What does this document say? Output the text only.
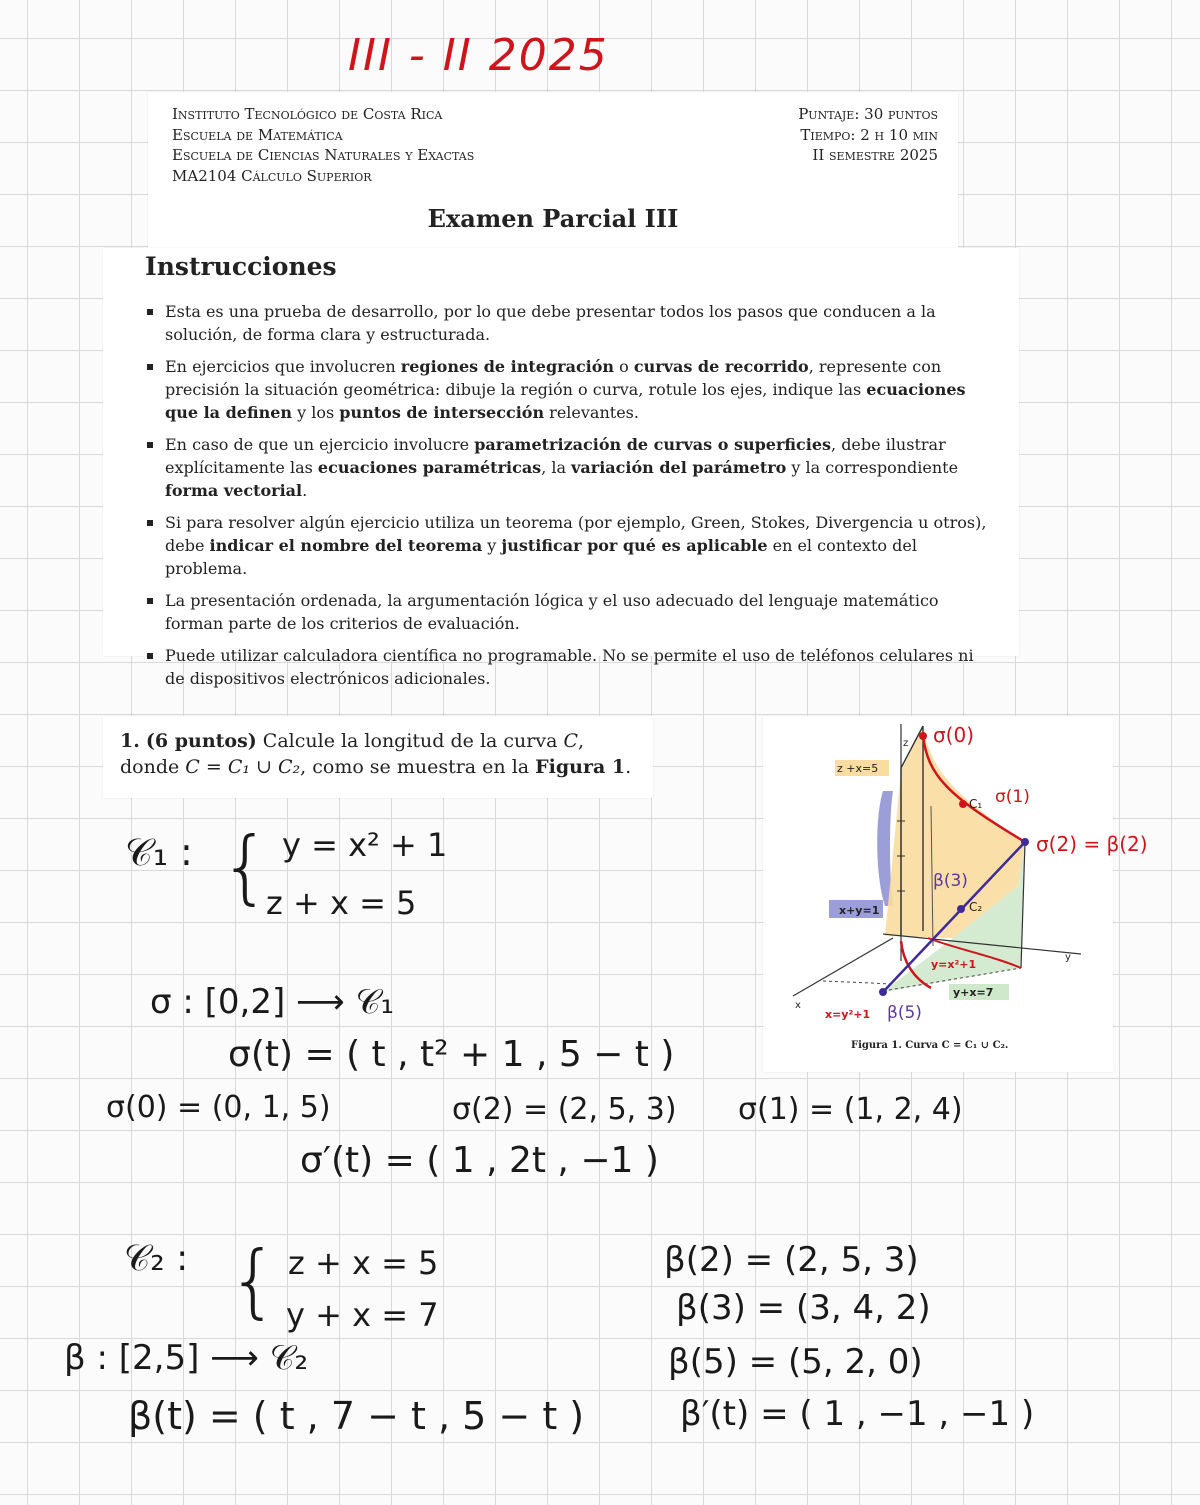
III - II 2025
Instituto Tecnológico de Costa Rica
Escuela de Matemática
Escuela de Ciencias Naturales y Exactas
MA2104 Cálculo Superior
Puntaje: 30 puntos
Tiempo: 2 h 10 min
II semestre 2025
Examen Parcial III
Instrucciones
Esta es una prueba de desarrollo, por lo que debe presentar todos los pasos que conducen a la solución, de forma clara y estructurada.
En ejercicios que involucren regiones de integración o curvas de recorrido, represente con precisión la situación geométrica: dibuje la región o curva, rotule los ejes, indique las ecuaciones que la definen y los puntos de intersección relevantes.
En caso de que un ejercicio involucre parametrización de curvas o superficies, debe ilustrar explícitamente las ecuaciones paramétricas, la variación del parámetro y la correspondiente forma vectorial.
Si para resolver algún ejercicio utiliza un teorema (por ejemplo, Green, Stokes, Divergencia u otros), debe indicar el nombre del teorema y justificar por qué es aplicable en el contexto del problema.
La presentación ordenada, la argumentación lógica y el uso adecuado del lenguaje matemático forman parte de los criterios de evaluación.
Puede utilizar calculadora científica no programable. No se permite el uso de teléfonos celulares ni de dispositivos electrónicos adicionales.
1. (6 puntos) Calcule la longitud de la curva C, donde C = C₁ ∪ C₂, como se muestra en la Figura 1.
z
y
x
z +x=5
x+y=1
y=x²+1
y+x=7
x=y²+1
C₁
C₂
σ(0)
σ(1)
β(3)
β(5)
Figura 1. Curva C = C₁ ∪ C₂.
σ(2) = β(2)
𝒞₁ : { y = x² + 1
z + x = 5
σ : [0,2] ⟶ 𝒞₁
σ(t) = ( t , t² + 1 , 5 − t )
σ(0) = (0, 1, 5)	σ(2) = (2, 5, 3) σ(1) = (1, 2, 4)
σ′(t) = ( 1 , 2t , −1 )
𝒞₂ : { z + x = 5
y + x = 7
β : [2,5] ⟶ 𝒞₂
β(t) = ( t , 7 − t , 5 − t )
β(2) = (2, 5, 3)
β(3) = (3, 4, 2)
β(5) = (5, 2, 0)
β′(t) = ( 1 , −1 , −1 )
